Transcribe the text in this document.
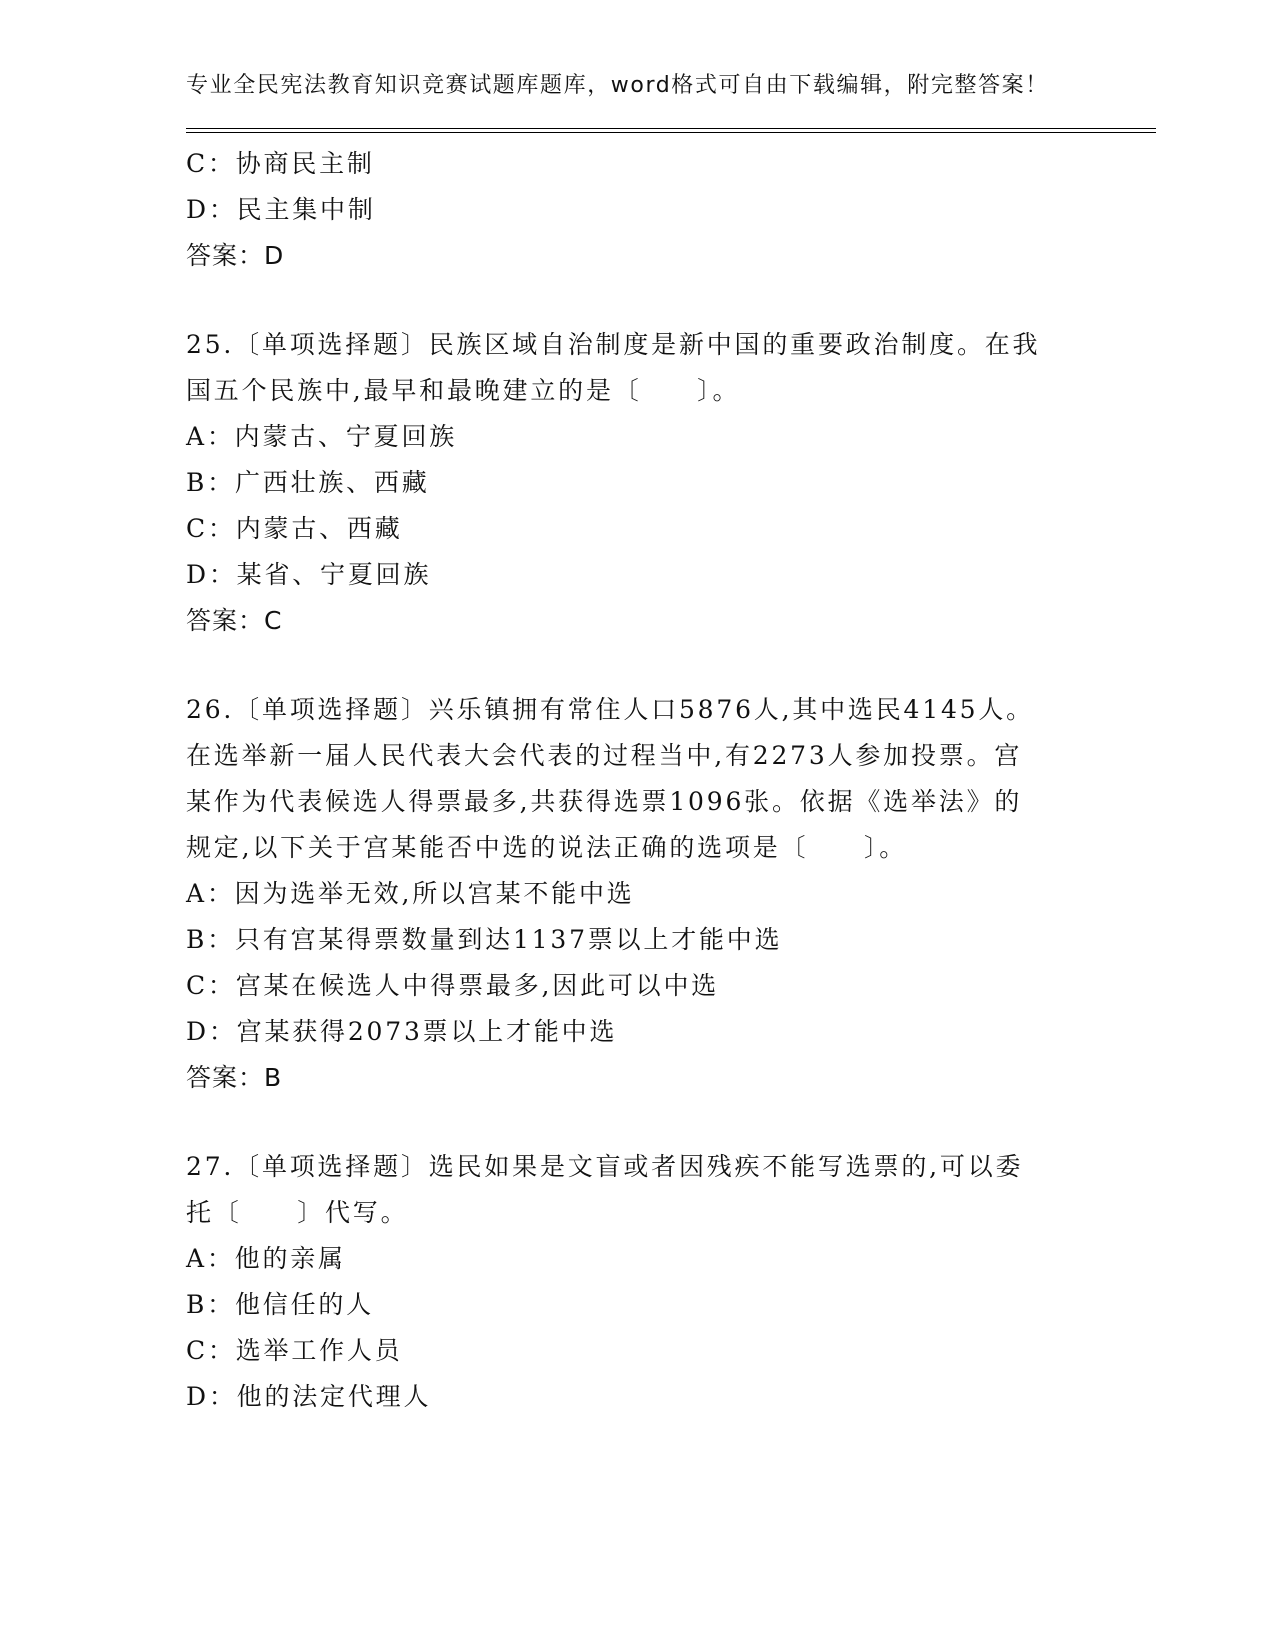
专业全民宪法教育知识竞赛试题库题库，word格式可自由下载编辑，附完整答案！
C：协商民主制
D：民主集中制
答案：D
25.〔单项选择题〕民族区域自治制度是新中国的重要政治制度。在我
国五个民族中,最早和最晚建立的是〔　　〕。
A：内蒙古、宁夏回族
B：广西壮族、西藏
C：内蒙古、西藏
D：某省、宁夏回族
答案：C
26.〔单项选择题〕兴乐镇拥有常住人口5876人,其中选民4145人。
在选举新一届人民代表大会代表的过程当中,有2273人参加投票。宫
某作为代表候选人得票最多,共获得选票1096张。依据《选举法》的
规定,以下关于宫某能否中选的说法正确的选项是〔　　〕。
A：因为选举无效,所以宫某不能中选
B：只有宫某得票数量到达1137票以上才能中选
C：宫某在候选人中得票最多,因此可以中选
D：宫某获得2073票以上才能中选
答案：B
27.〔单项选择题〕选民如果是文盲或者因残疾不能写选票的,可以委
托〔　　〕代写。
A：他的亲属
B：他信任的人
C：选举工作人员
D：他的法定代理人
